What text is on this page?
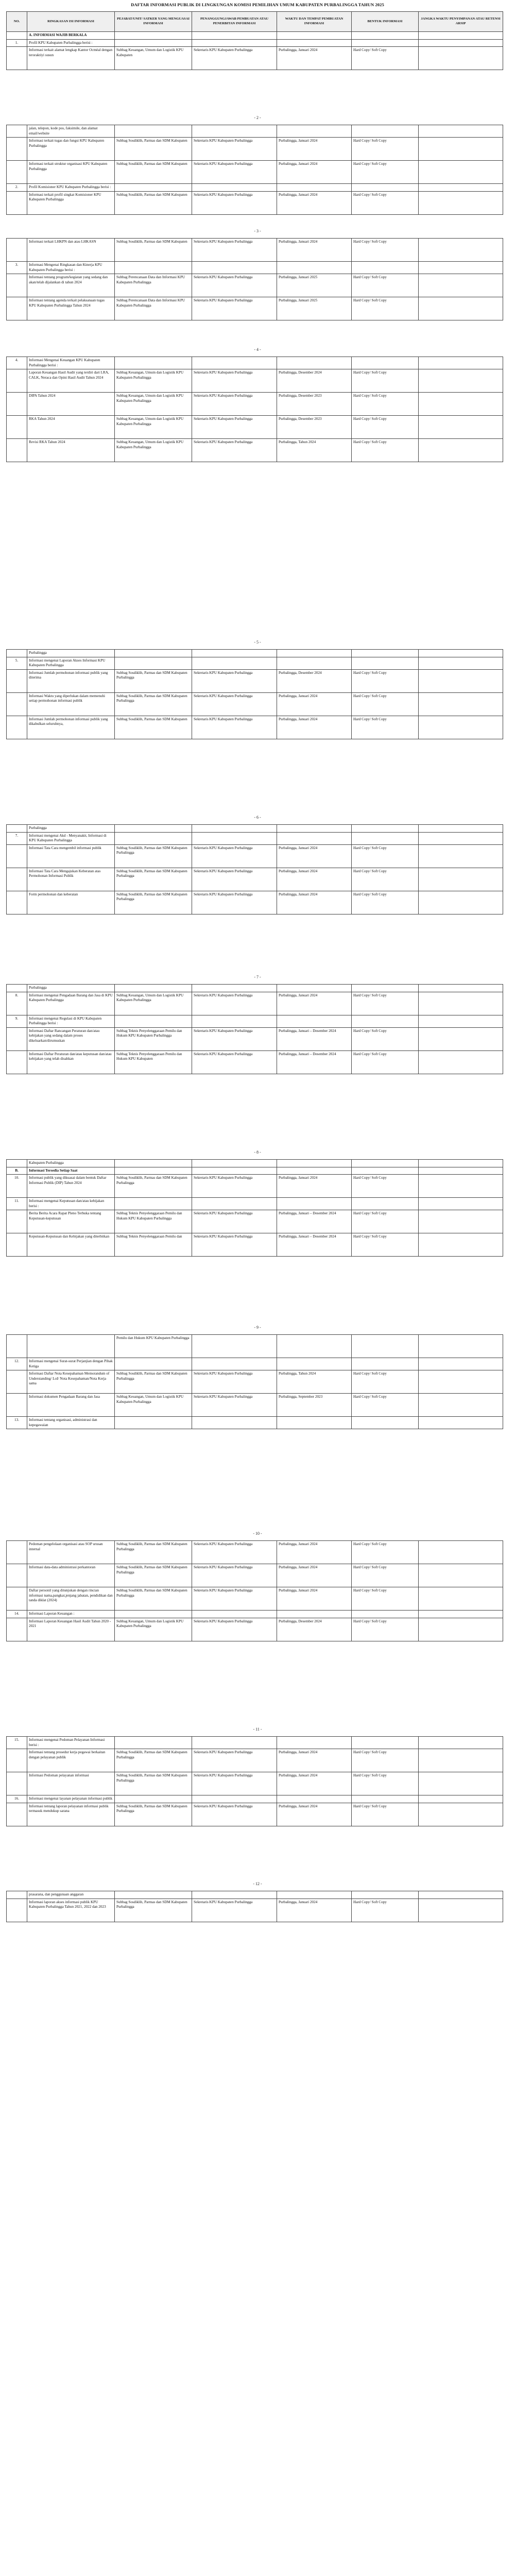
DAFTAR INFORMASI PUBLIK DI LINGKUNGAN KOMISI PEMILIHAN UMUM KABUPATEN PURBALINGGA TAHUN 2025
NO.	RINGKASAN ISI INFORMASI	PEJABAT/UNIT/ SATKER YANG MENGUASAI INFORMASI	PENANGGUNGJAWAB PEMBUATAN ATAU PENERBITAN INFORMASI	WAKTU DAN TEMPAT PEMBUATAN INFORMASI	BENTUK INFORMASI	JANGKA WAKTU PENYIMPANAN ATAU RETENSI ARSIP
	A. INFORMASI WAJIB BERKALA					
1.	Profil KPU Kabupaten Purbalingga berisi :					
	Informasi terkait alamat lengkap Kantor Ocmèal dengan teroraktiyi susun	Subbag Keuangan, Umum dan Logistik KPU Kabupaten	Sekretaris KPU Kabupaten Purbalingga	Purbalingga, Januari 2024	Hard Copy/ Soft Copy	
- 2 -
	jalan, telepon, kode pos, faksimile, dan alamat email/website					
	Informasi terkait tugas dan fungsi KPU Kabupaten Purbalingga	Subbag Sosdiklih, Parmas dan SDM Kabupaten	Sekretaris KPU Kabupaten Purbalingga	Purbalingga, Januari 2024	Hard Copy/ Soft Copy	
	Informasi terkait struktur organisasi KPU Kabupaten Purbalingga	Subbag Sosdiklih, Parmas dan SDM Kabupaten	Sekretaris KPU Kabupaten Purbalingga	Purbalingga, Januari 2024	Hard Copy/ Soft Copy	
2.	Profil Komisioner KPU Kabupaten Purbalingga berisi :					
	Informasi terkait profil singkat Komisioner KPU Kabupaten Purbalingga	Subbag Sosdiklih, Parmas dan SDM Kabupaten	Sekretaris KPU Kabupaten Purbalingga	Purbalingga, Januari 2024	Hard Copy/ Soft Copy	
- 3 -
	Informasi terkait LHKPN dan atau LHKASN	Subbag Sosdiklih, Parmas dan SDM Kabupaten	Sekretaris KPU Kabupaten Purbalingga	Purbalingga, Januari 2024	Hard Copy/ Soft Copy	
3.	Informasi Mengenai Ringkasan dan Kinerja KPU Kabupaten Purbalingga berisi :					
	Informasi tentang program/kegiatan yang sedang dan akan/telah dijalankan di tahun 2024	Subbag Perencanaan Data dan Informasi KPU Kabupaten Purbalingga	Sekretaris KPU Kabupaten Purbalingga	Purbalingga, Januari 2025	Hard Copy/ Soft Copy	
	Informasi tentang agenda terkait pelaksanaan tugas KPU Kabupaten Purbalingga Tahun 2024	Subbag Perencanaan Data dan Informasi KPU Kabupaten Purbalingga	Sekretaris KPU Kabupaten Purbalingga	Purbalingga, Januari 2025	Hard Copy/ Soft Copy	
- 4 -
4.	Informasi Mengenai Keuangan KPU Kabupaten Purbalingga berisi :					
	Laporan Keuangan Hasil Audit yang terdiri dari LRA, CALK, Neraca dan Opini Hasil Audit Tahun 2024	Subbag Keuangan, Umum dan Logistik KPU Kabupaten Purbalingga	Sekretaris KPU Kabupaten Purbalingga	Purbalingga, Desember 2024	Hard Copy/ Soft Copy	
	DIPA Tahun 2024	Subbag Keuangan, Umum dan Logistik KPU Kabupaten Purbalingga	Sekretaris KPU Kabupaten Purbalingga	Purbalingga, Desember 2023	Hard Copy/ Soft Copy	
	RKA Tahun 2024	Subbag Keuangan, Umum dan Logistik KPU Kabupaten Purbalingga	Sekretaris KPU Kabupaten Purbalingga	Purbalingga, Desember 2023	Hard Copy/ Soft Copy	
	Revisi RKA Tahun 2024	Subbag Keuangan, Umum dan Logistik KPU Kabupaten Purbalingga	Sekretaris KPU Kabupaten Purbalingga	Purbalingga, Tahun 2024	Hard Copy/ Soft Copy	
- 5 -
	Purbalingga					
5.	Informasi mengenai Laporan Akses Informasi KPU Kabupaten Purbalingga					
	Informasi Jumlah permohonan informasi publik yang diterima	Subbag Sosdiklih, Parmas dan SDM Kabupaten Purbalingga	Sekretaris KPU Kabupaten Purbalingga	Purbalingga, Desember 2024	Hard Copy/ Soft Copy	
	Informasi Waktu yang diperlukan dalam memenuhi setiap permohonan informasi publik	Subbag Sosdiklih, Parmas dan SDM Kabupaten Purbalingga	Sekretaris KPU Kabupaten Purbalingga	Purbalingga, Januari 2024	Hard Copy/ Soft Copy	
	Informasi Jumlah permohonan informasi publik yang dikabulkan seluruhnya,	Subbag Sosdiklih, Parmas dan SDM Kabupaten	Sekretaris KPU Kabupaten Purbalingga	Purbalingga, Januari 2024	Hard Copy/ Soft Copy	
- 6 -
	Purbalingga					
7.	Informasi mengenai Akd - Menyanakit, Informasi di KPU Kabupaten Purbalingga					
	Informasi Tata Cara mengembil informasi publik	Subbag Sosdiklih, Parmas dan SDM Kabupaten Purbalingga	Sekretaris KPU Kabupaten Purbalingga	Purbalingga, Januari 2024	Hard Copy/ Soft Copy	
	Informasi Tata Cara Mengajukan Keberatan atas Permohonan Informasi Publik	Subbag Sosdiklih, Parmas dan SDM Kabupaten Purbalingga	Sekretaris KPU Kabupaten Purbalingga	Purbalingga, Januari 2024	Hard Copy/ Soft Copy	
	Form permohonan dan keberatan	Subbag Sosdiklih, Parmas dan SDM Kabupaten Purbalingga	Sekretaris KPU Kabupaten Purbalingga	Purbalingga, Januari 2024	Hard Copy/ Soft Copy	
- 7 -
	Purbalingga					
8.	Informasi mengenai Pengadaan Barang dan Jasa di KPU Kabupaten Purbalingga	Subbag Keuangan, Umum dan Logistik KPU Kabupaten Purbalingga	Sekretaris KPU Kabupaten Purbalingga	Purbalingga, Januari 2024	Hard Copy/ Soft Copy	
9.	Informasi mengenai Regulasi di KPU Kabupaten Purbalingga berisi :					
	Informasi Daftar Rancangan Peraturan dan/atau kebijakan yang sedang dalam proses dikeluarkan/dirumuskan	Subbag Teknis Penyelenggaraan Pemilu dan Hukum KPU Kabupaten Purbalingga	Sekretaris KPU Kabupaten Purbalingga	Purbalingga, Januari – Desember 2024	Hard Copy/ Soft Copy	
	Informasi Daftar Peraturan dan/atau keputusan dan/atau kebijakan yang telah disahkan	Subbag Teknis Penyelenggaraan Pemilu dan Hukum KPU Kabupaten	Sekretaris KPU Kabupaten Purbalingga	Purbalingga, Januari – Desember 2024	Hard Copy/ Soft Copy	
- 8 -
	Kabupaten Purbalingga					
B.	Informasi Tersedia Setiap Saat					
10.	Informasi publik yang dikuasai dalam bentuk Daftar Informasi Publik (DIP) Tahun 2024	Subbag Sosdiklih, Parmas dan SDM Kabupaten Purbalingga	Sekretaris KPU Kabupaten Purbalingga	Purbalingga, Januari 2024	Hard Copy/ Soft Copy	
11.	Informasi mengenai Keputusan dan/atau kebijakan berisi :					
	Berita Berita Acara Rapat Pleno Terbuka tentang Keputusan-keputusan	Subbag Teknis Penyelenggaraan Pemilu dan Hukum KPU Kabupaten Purbalingga	Sekretaris KPU Kabupaten Purbalingga	Purbalingga, Januari – Desember 2024	Hard Copy/ Soft Copy	
	Keputusan-Keputusan dan Kebijakan yang diterbitkan	Subbag Teknis Penyelenggaraan Pemilu dan	Sekretaris KPU Kabupaten Purbalingga	Purbalingga, Januari – Desember 2024	Hard Copy/ Soft Copy	
- 9 -
		Pemilu dan Hukum KPU Kabupaten Purbalingga				
12.	Informasi mengenai Surat-surat Perjanjian dengan Pihak Ketiga					
	Informasi Daftar Nota Kesepahaman Memorandum of Understanding/ LoI/ Nota Kesepahaman/Nota Kerja sama	Subbag Sosdiklih, Parmas dan SDM Kabupaten Purbalingga	Sekretaris KPU Kabupaten Purbalingga	Purbalingga, Tahun 2024	Hard Copy/ Soft Copy	
	Informasi dokumen Pengadaan Barang dan Jasa	Subbag Keuangan, Umum dan Logistik KPU Kabupaten Purbalingga	Sekretaris KPU Kabupaten Purbalingga	Purbalingga, September 2023	Hard Copy/ Soft Copy	
13.	Informasi tentang organisasi, administrasi dan kepegawaian					
- 10 -
	Pedoman pengelolaan organisasi atau SOP urusan internal	Subbag Sosdiklih, Parmas dan SDM Kabupaten Purbalingga	Sekretaris KPU Kabupaten Purbalingga	Purbalingga, Januari 2024	Hard Copy/ Soft Copy	
	Informasi data-data administrasi perkantoran	Subbag Sosdiklih, Parmas dan SDM Kabupaten Purbalingga	Sekretaris KPU Kabupaten Purbalingga	Purbalingga, Januari 2024	Hard Copy/ Soft Copy	
	Daftar personil yang ditunjukan dengan rincian informasi nama,pangkat,jenjang jabatan, pendidikan dan tanda diklat (2024)	Subbag Sosdiklih, Parmas dan SDM Kabupaten Purbalingga	Sekretaris KPU Kabupaten Purbalingga	Purbalingga, Januari 2024	Hard Copy/ Soft Copy	
14.	Informasi Laporan Keuangan :					
	Informasi Laporan Keuangan Hasil Audit Tahun 2020 - 2021	Subbag Keuangan, Umum dan Logistik KPU Kabupaten Purbalingga	Sekretaris KPU Kabupaten Purbalingga	Purbalingga, Desember 2024	Hard Copy/ Soft Copy	
- 11 -
15.	Informasi mengenai Pedoman Pelayanan Informasi berisi :					
	Informasi tentang prosedur kerja pegawai berkaitan dengan pelayanan publik	Subbag Sosdiklih, Parmas dan SDM Kabupaten Purbalingga	Sekretaris KPU Kabupaten Purbalingga	Purbalingga, Januari 2024	Hard Copy/ Soft Copy	
	Informasi Pedoman pelayanan informasi	Subbag Sosdiklih, Parmas dan SDM Kabupaten Purbalingga	Sekretaris KPU Kabupaten Purbalingga	Purbalingga, Januari 2024	Hard Copy/ Soft Copy	
16.	Informasi mengenai layanan pelayanan informasi publik					
	Informasi tentang laporan pelayanan informasi publik termasuk mendukup sarana	Subbag Sosdiklih, Parmas dan SDM Kabupaten Purbalingga	Sekretaris KPU Kabupaten Purbalingga	Purbalingga, Januari 2024	Hard Copy/ Soft Copy	
- 12 -
	prasarana, dan penggunaan anggaran					
	Informasi laporan akses informasi publik KPU Kabupaten Purbalingga Tahun 2021, 2022 dan 2023	Subbag Sosdiklih, Parmas dan SDM Kabupaten Purbalingga	Sekretaris KPU Kabupaten Purbalingga	Purbalingga, Januari 2024	Hard Copy/ Soft Copy	
